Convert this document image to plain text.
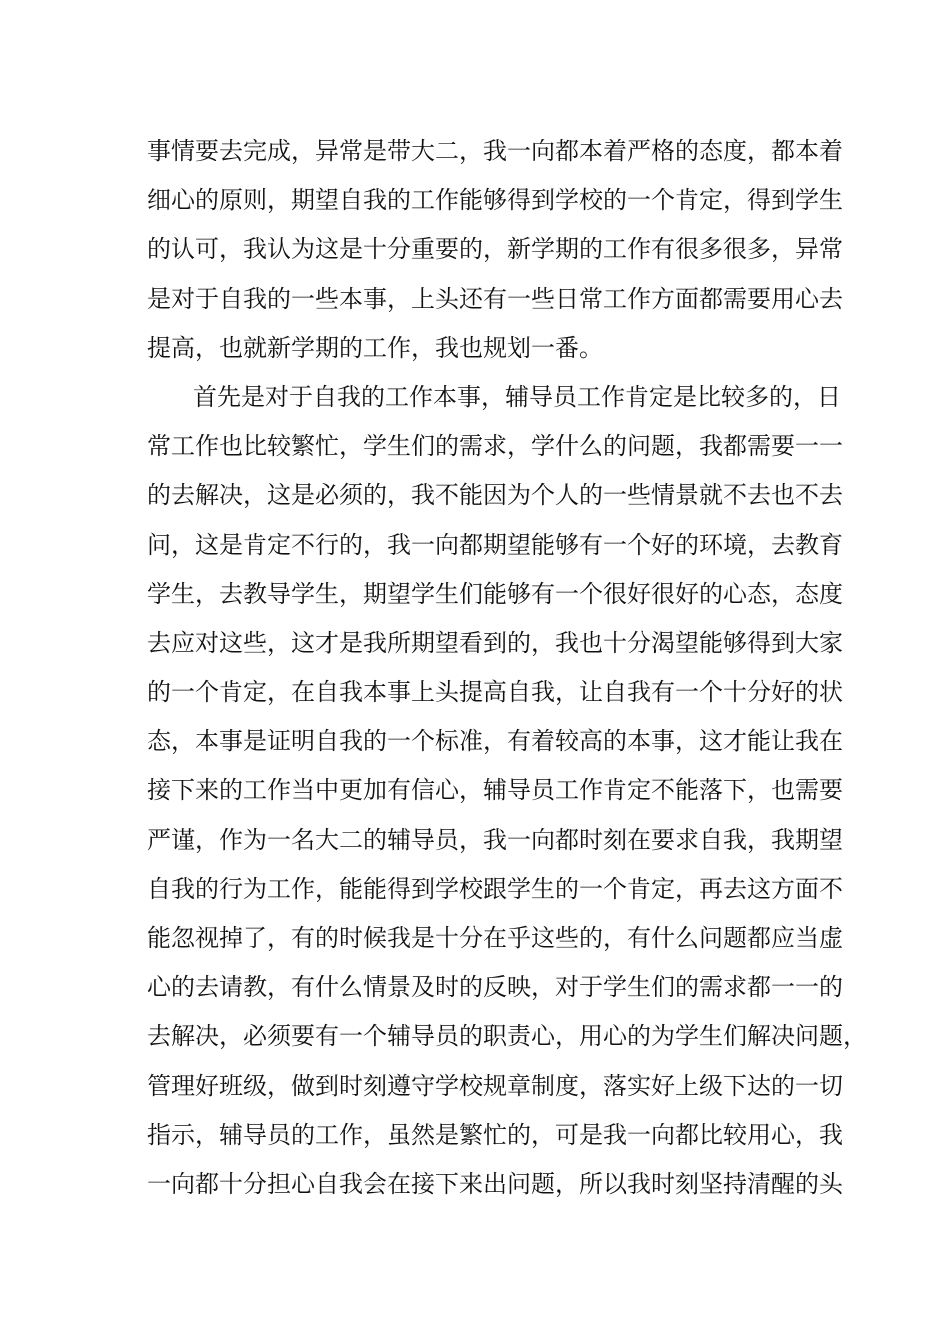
事情要去完成，异常是带大二，我一向都本着严格的态度，都本着
细心的原则，期望自我的工作能够得到学校的一个肯定，得到学生
的认可，我认为这是十分重要的，新学期的工作有很多很多，异常
是对于自我的一些本事，上头还有一些日常工作方面都需要用心去
提高，也就新学期的工作，我也规划一番。
首先是对于自我的工作本事，辅导员工作肯定是比较多的，日
常工作也比较繁忙，学生们的需求，学什么的问题，我都需要一一
的去解决，这是必须的，我不能因为个人的一些情景就不去也不去
问，这是肯定不行的，我一向都期望能够有一个好的环境，去教育
学生，去教导学生，期望学生们能够有一个很好很好的心态，态度
去应对这些，这才是我所期望看到的，我也十分渴望能够得到大家
的一个肯定，在自我本事上头提高自我，让自我有一个十分好的状
态，本事是证明自我的一个标准，有着较高的本事，这才能让我在
接下来的工作当中更加有信心，辅导员工作肯定不能落下，也需要
严谨，作为一名大二的辅导员，我一向都时刻在要求自我，我期望
自我的行为工作，能能得到学校跟学生的一个肯定，再去这方面不
能忽视掉了，有的时候我是十分在乎这些的，有什么问题都应当虚
心的去请教，有什么情景及时的反映，对于学生们的需求都一一的
去解决，必须要有一个辅导员的职责心，用心的为学生们解决问题，
管理好班级，做到时刻遵守学校规章制度，落实好上级下达的一切
指示，辅导员的工作，虽然是繁忙的，可是我一向都比较用心，我
一向都十分担心自我会在接下来出问题，所以我时刻坚持清醒的头
